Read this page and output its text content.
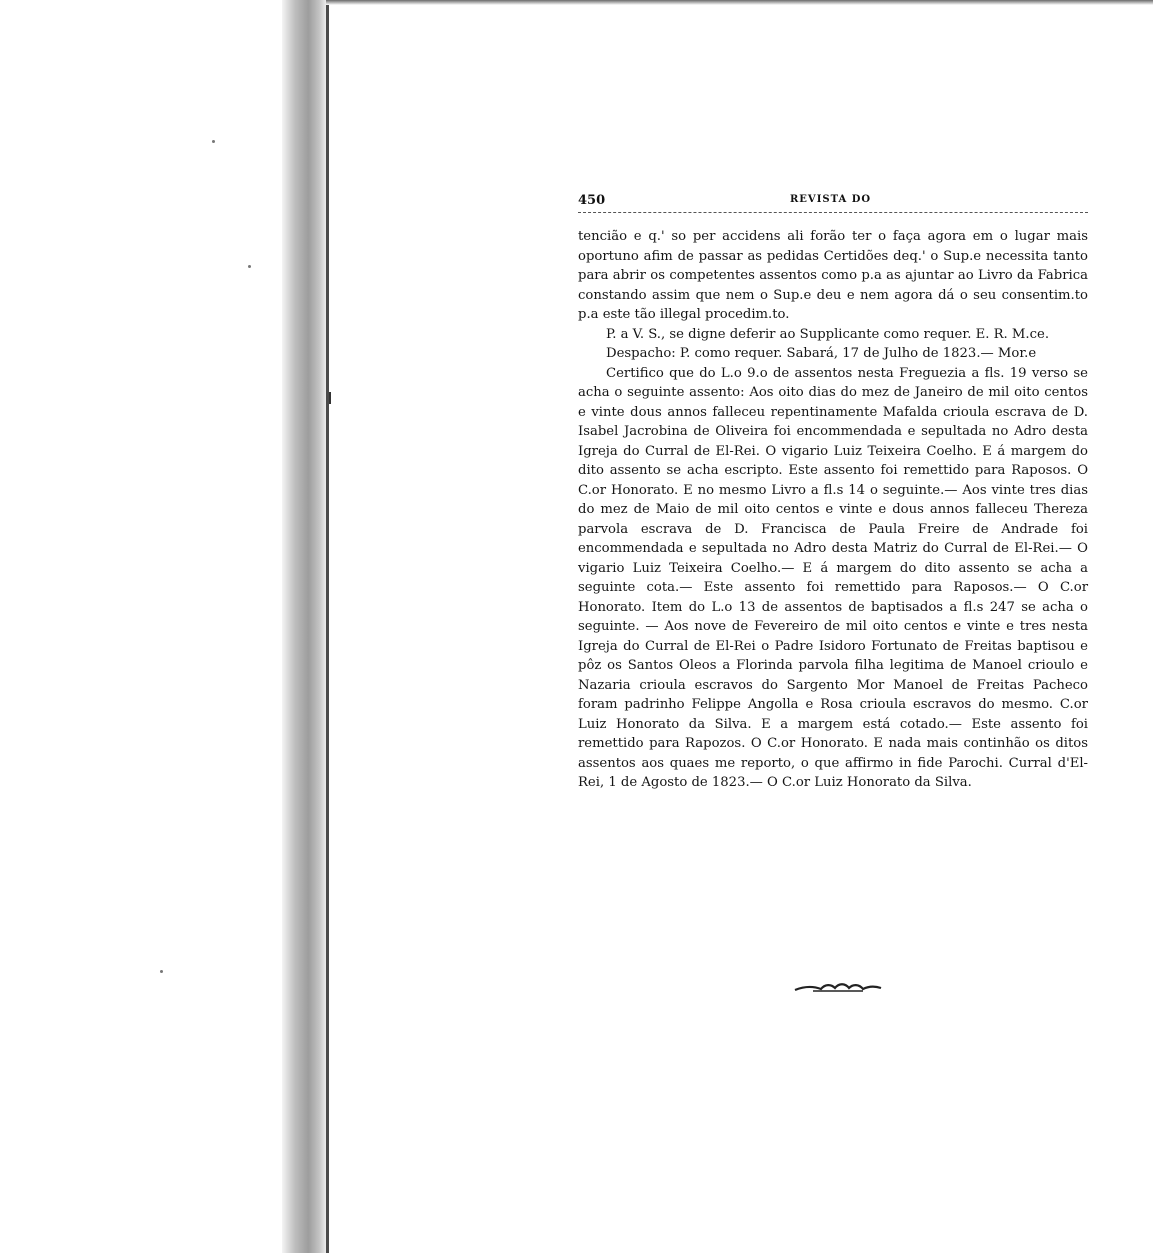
450	REVISTA DO

tencião e q.' so per accidens ali forão ter o faça agora em o lugar mais oportuno afim de passar as pedidas Certidões deq.' o Sup.e necessita tanto para abrir os competentes assentos como p.a as ajuntar ao Livro da Fabrica constando assim que nem o Sup.e deu e nem agora dá o seu consentim.to p.a este tão illegal procedim.to.

P. a V. S., se digne deferir ao Supplicante como requer. E. R. M.ce.

Despacho: P. como requer. Sabará, 17 de Julho de 1823.— Mor.e

Certifico que do L.o 9.o de assentos nesta Freguezia a fls. 19 verso se acha o seguinte assento: Aos oito dias do mez de Janeiro de mil oito centos e vinte dous annos falleceu repentinamente Mafalda crioula escrava de D. Isabel Jacrobina de Oliveira foi encommendada e sepultada no Adro desta Igreja do Curral de El-Rei. O vigario Luiz Teixeira Coelho. E á margem do dito assento se acha escripto. Este assento foi remettido para Raposos. O C.or Honorato. E no mesmo Livro a fl.s 14 o seguinte.— Aos vinte tres dias do mez de Maio de mil oito centos e vinte e dous annos falleceu Thereza parvola escrava de D. Francisca de Paula Freire de Andrade foi encommendada e sepultada no Adro desta Matriz do Curral de El-Rei.— O vigario Luiz Teixeira Coelho.— E á margem do dito assento se acha a seguinte cota.— Este assento foi remettido para Raposos.— O C.or Honorato. Item do L.o 13 de assentos de baptisados a fl.s 247 se acha o seguinte. — Aos nove de Fevereiro de mil oito centos e vinte e tres nesta Igreja do Curral de El-Rei o Padre Isidoro Fortunato de Freitas baptisou e pôz os Santos Oleos a Florinda parvola filha legitima de Manoel crioulo e Nazaria crioula escravos do Sargento Mor Manoel de Freitas Pacheco foram padrinho Felippe Angolla e Rosa crioula escravos do mesmo. C.or Luiz Honorato da Silva. E a margem está cotado.— Este assento foi remettido para Rapozos. O C.or Honorato. E nada mais continhão os ditos assentos aos quaes me reporto, o que affirmo in fide Parochi. Curral d'El-Rei, 1 de Agosto de 1823.— O C.or Luiz Honorato da Silva.
